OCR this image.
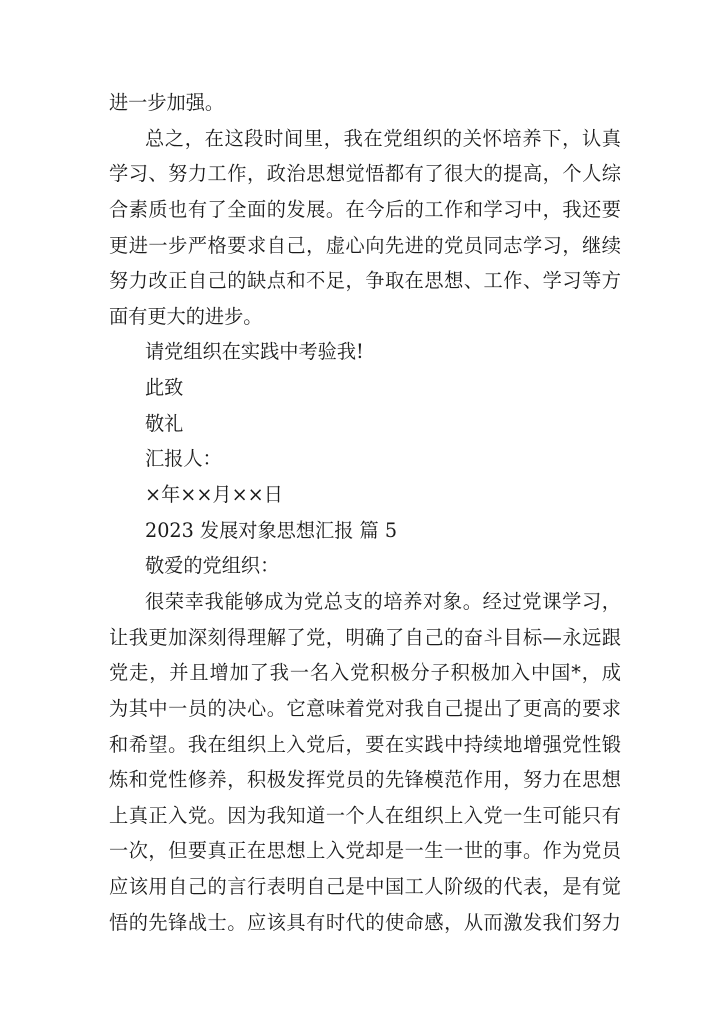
进一步加强。
总之，在这段时间里，我在党组织的关怀培养下，认真
学习、努力工作，政治思想觉悟都有了很大的提高，个人综
合素质也有了全面的发展。在今后的工作和学习中，我还要
更进一步严格要求自己，虚心向先进的党员同志学习，继续
努力改正自己的缺点和不足，争取在思想、工作、学习等方
面有更大的进步。
请党组织在实践中考验我!
此致
敬礼
汇报人：
×年××月××日
2023 发展对象思想汇报 篇 5
敬爱的党组织：
很荣幸我能够成为党总支的培养对象。经过党课学习，
让我更加深刻得理解了党，明确了自己的奋斗目标—永远跟
党走，并且增加了我一名入党积极分子积极加入中国*，成
为其中一员的决心。它意味着党对我自己提出了更高的要求
和希望。我在组织上入党后，要在实践中持续地增强党性锻
炼和党性修养，积极发挥党员的先锋模范作用，努力在思想
上真正入党。因为我知道一个人在组织上入党一生可能只有
一次，但要真正在思想上入党却是一生一世的事。作为党员
应该用自己的言行表明自己是中国工人阶级的代表，是有觉
悟的先锋战士。应该具有时代的使命感，从而激发我们努力
